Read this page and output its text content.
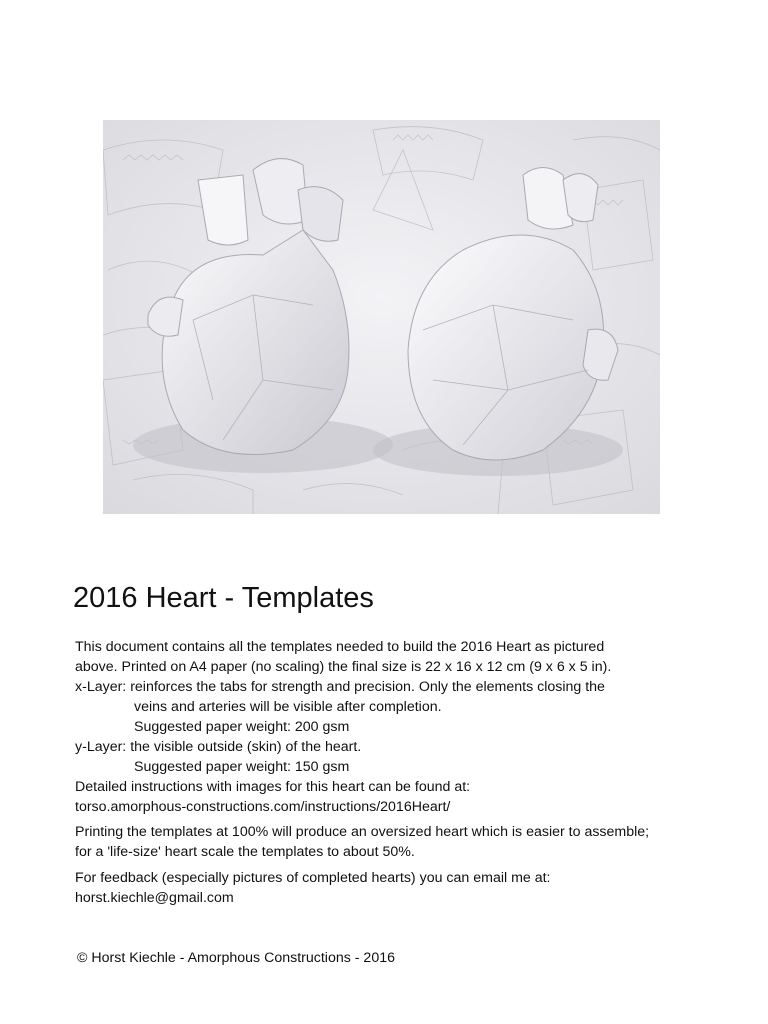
2016 Heart - Templates
This document contains all the templates needed to build the 2016 Heart as pictured
above. Printed on A4 paper (no scaling) the final size is 22 x 16 x 12 cm (9 x 6 x 5 in).
x-Layer: reinforces the tabs for strength and precision. Only the elements closing the
veins and arteries will be visible after completion.
Suggested paper weight: 200 gsm
y-Layer: the visible outside (skin) of the heart.
Suggested paper weight: 150 gsm
Detailed instructions with images for this heart can be found at:
torso.amorphous-constructions.com/instructions/2016Heart/
Printing the templates at 100% will produce an oversized heart which is easier to assemble;
for a 'life-size' heart scale the templates to about 50%.
For feedback (especially pictures of completed hearts) you can email me at:
horst.kiechle@gmail.com
© Horst Kiechle - Amorphous Constructions - 2016
